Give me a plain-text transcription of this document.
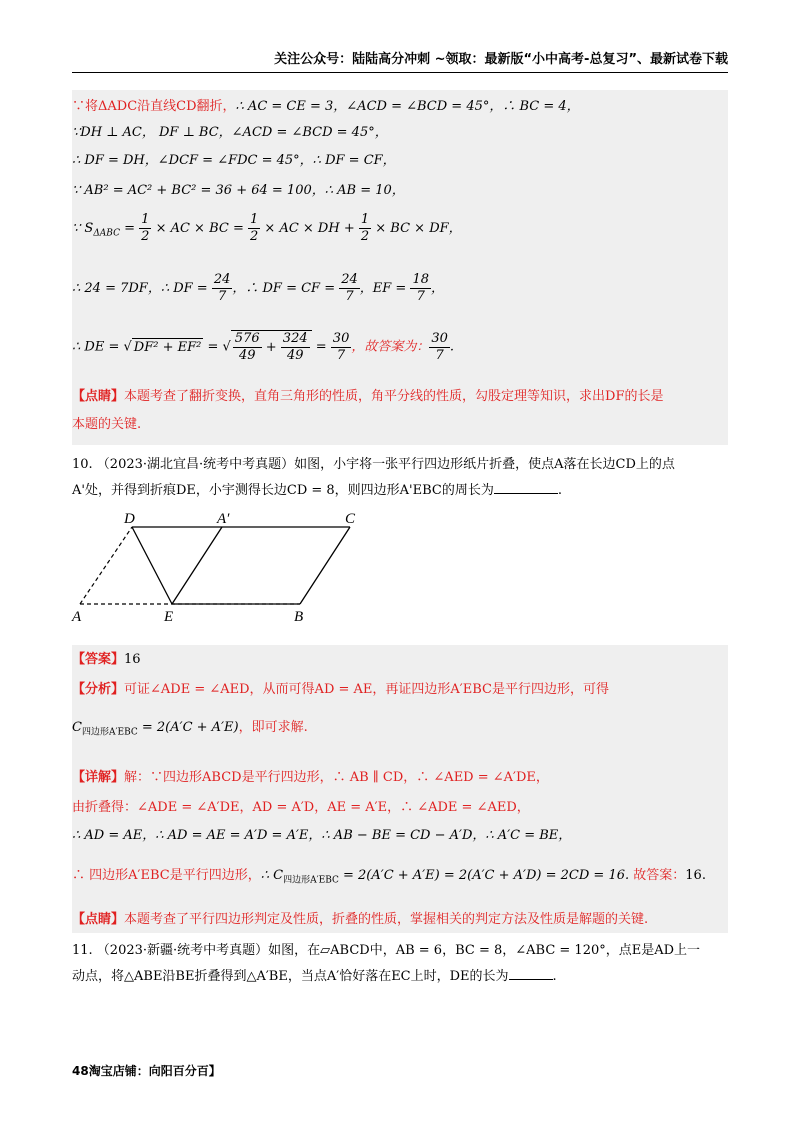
关注公众号：陆陆高分冲刺 ~领取：最新版“小中高考-总复习”、最新试卷下载
∵将ΔADC沿直线CD翻折，∴ AC = CE = 3，∠ACD = ∠BCD = 45°，∴ BC = 4，
∵DH ⊥ AC， DF ⊥ BC，∠ACD = ∠BCD = 45°，
∴ DF = DH，∠DCF = ∠FDC = 45°，∴ DF = CF，
∵ AB² = AC² + BC² = 36 + 64 = 100，∴ AB = 10，
∵ $S_{\Delta ABC} = \frac{1}{2}$ × AC × BC = $\frac{1}{2}$ × AC × DH + $\frac{1}{2}$ × BC × DF，
∴ 24 = 7DF，∴ DF = $\frac{24}{7}$ ，∴ DF = CF = $\frac{24}{7}$ ，EF = $\frac{18}{7}$ ，
∴ DE = √ DF² + EF² = √ $\frac{576}{49} + \frac{324}{49} = \frac{30}{7}$ ，故答案为： $\frac{30}{7}$ .
【点睛】本题考查了翻折变换，直角三角形的性质，角平分线的性质，勾股定理等知识，求出DF的长是
本题的关键.
10. （2023·湖北宜昌·统考中考真题）如图，小宇将一张平行四边形纸片折叠，使点A落在长边CD上的点
A'处，并得到折痕DE，小宇测得长边CD = 8，则四边形A'EBC的周长为	.
D	A′	C
A	E	B
【答案】16
【分析】可证∠ADE = ∠AED，从而可得AD = AE，再证四边形A′EBC是平行四边形，可得
$C_{四边形A'EBC} = 2(A'C + A'E)$，即可求解.
【详解】解：∵四边形ABCD是平行四边形，∴ AB ∥ CD，∴ ∠AED = ∠A′DE，
由折叠得：∠ADE = ∠A′DE，AD = A′D，AE = A′E，∴ ∠ADE = ∠AED，
∴ AD = AE，∴ AD = AE = A′D = A′E，∴ AB − BE = CD − A′D，∴ A′C = BE，
∴ 四边形A′EBC是平行四边形，∴ $C_{四边形A'EBC} = 2(A'C + A'E) = 2(A'C + A'D) = 2CD = 16$. 故答案：16.
【点睛】本题考查了平行四边形判定及性质，折叠的性质，掌握相关的判定方法及性质是解题的关键.
11. （2023·新疆·统考中考真题）如图，在▱ABCD中，AB = 6，BC = 8，∠ABC = 120°，点E是AD上一
动点，将△ABE沿BE折叠得到△A′BE，当点A′恰好落在EC上时，DE的长为	.
48淘宝店铺：向阳百分百】
